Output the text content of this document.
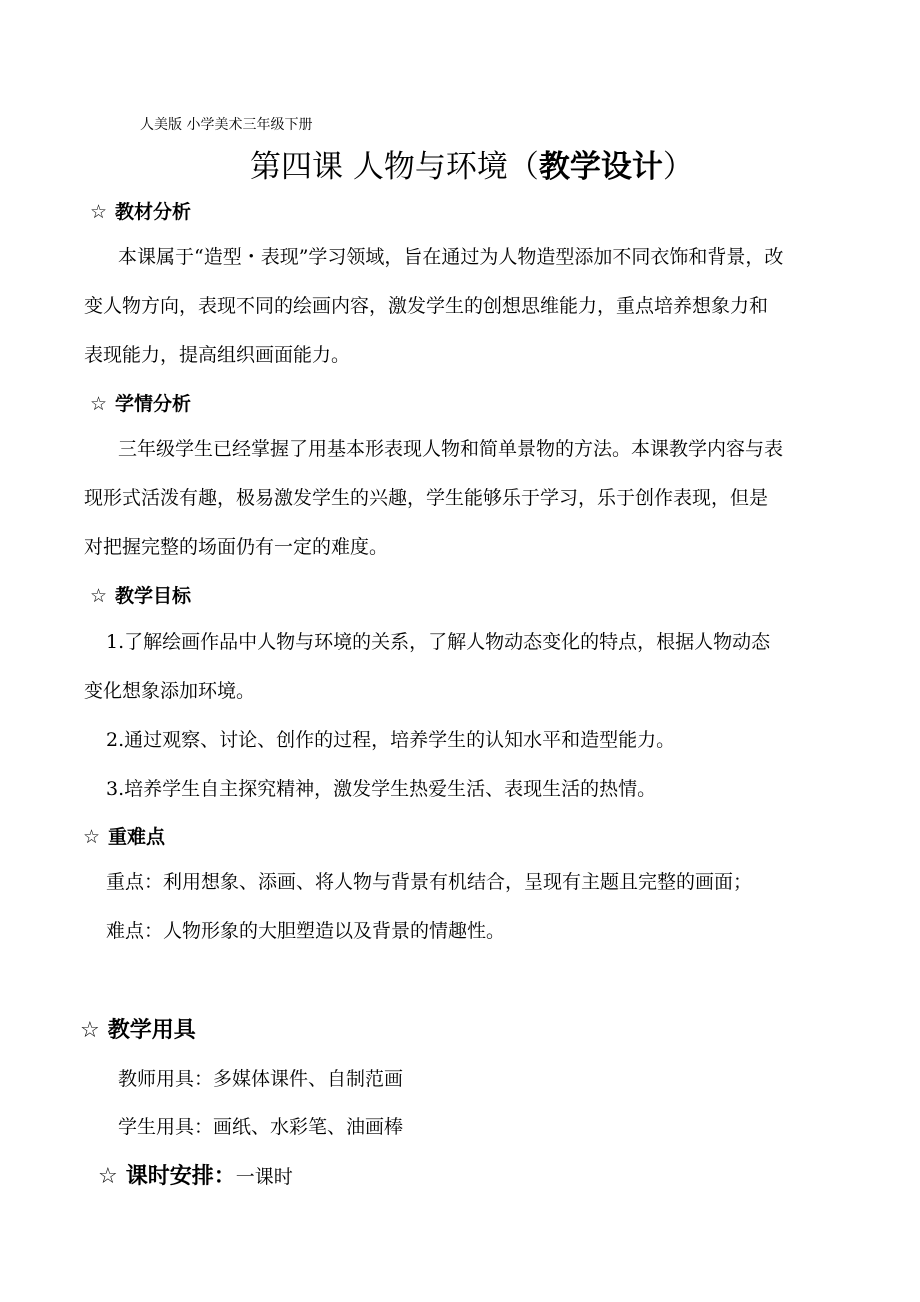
人美版 小学美术三年级下册
第四课 人物与环境（教学设计）
☆ 教材分析

本课属于“造型・表现”学习领域，旨在通过为人物造型添加不同衣饰和背景，改变人物方向，表现不同的绘画内容，激发学生的创想思维能力，重点培养想象力和表现能力，提高组织画面能力。

☆ 学情分析

三年级学生已经掌握了用基本形表现人物和简单景物的方法。本课教学内容与表现形式活泼有趣，极易激发学生的兴趣，学生能够乐于学习，乐于创作表现，但是对把握完整的场面仍有一定的难度。

☆ 教学目标

1.了解绘画作品中人物与环境的关系，了解人物动态变化的特点，根据人物动态变化想象添加环境。

2.通过观察、讨论、创作的过程，培养学生的认知水平和造型能力。

3.培养学生自主探究精神，激发学生热爱生活、表现生活的热情。

☆ 重难点

重点：利用想象、添画、将人物与背景有机结合，呈现有主题且完整的画面；

难点：人物形象的大胆塑造以及背景的情趣性。

☆ 教学用具
教师用具：多媒体课件、自制范画
学生用具：画纸、水彩笔、油画棒
☆ 课时安排：一课时
